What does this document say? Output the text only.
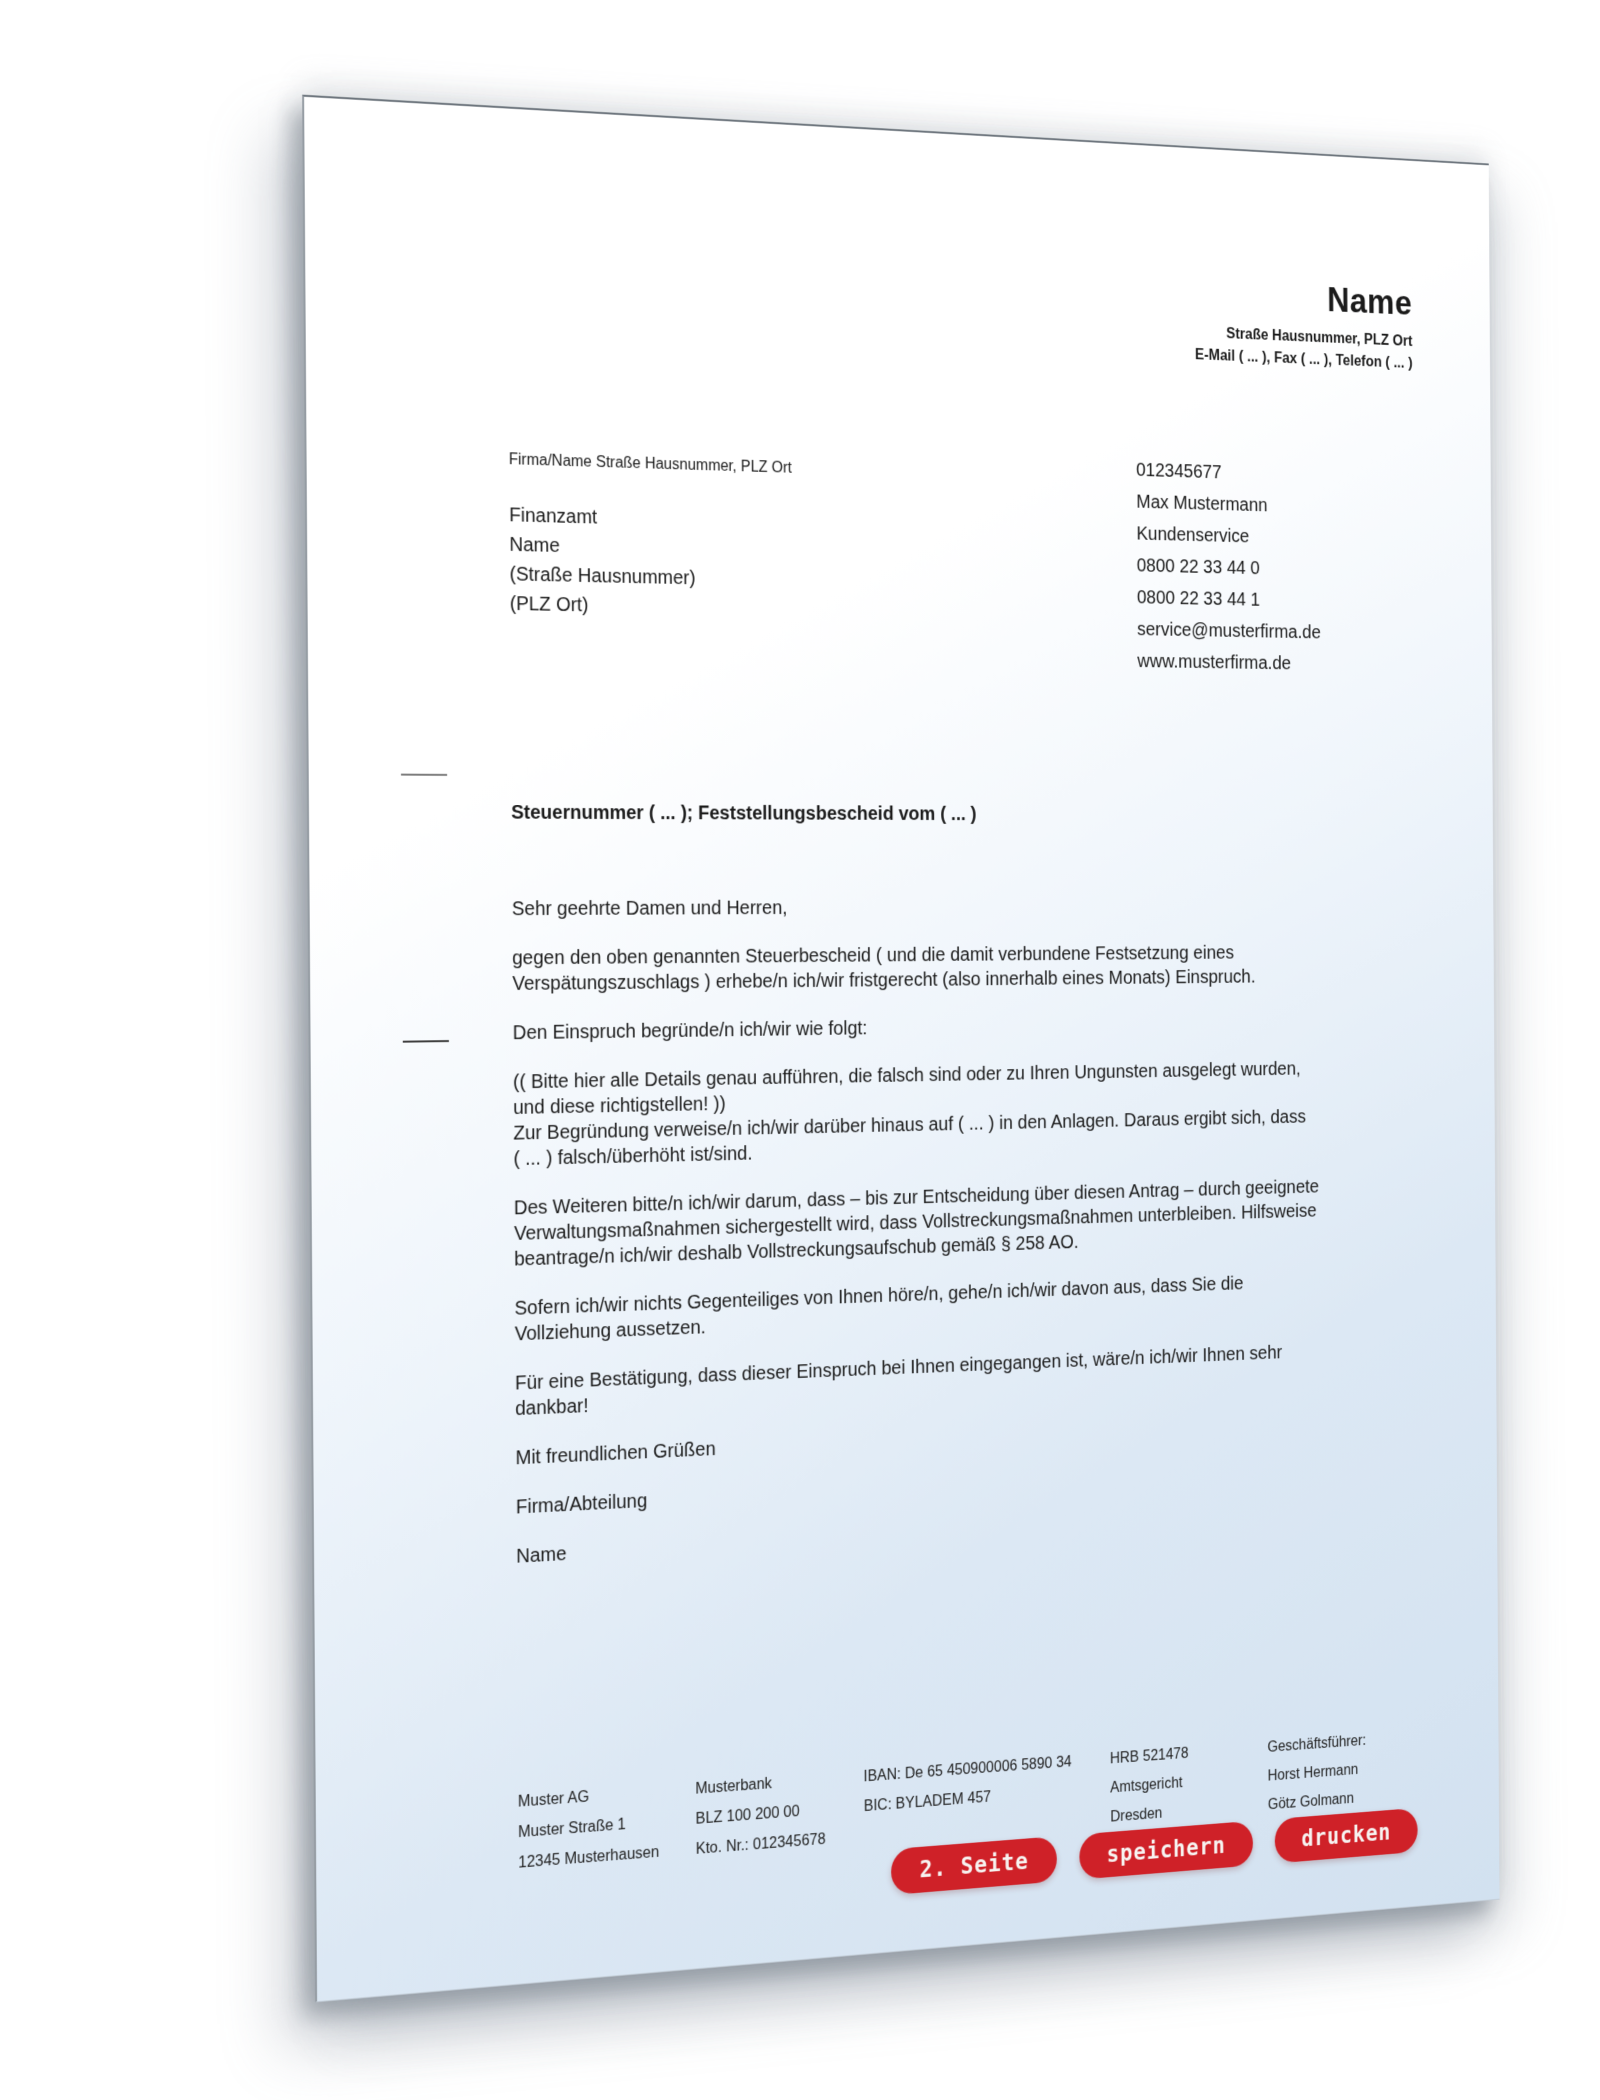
Name
Straße Hausnummer, PLZ Ort
E-Mail ( ... ), Fax ( ... ), Telefon ( ... )
Firma/Name Straße Hausnummer, PLZ Ort
Finanzamt
Name
(Straße Hausnummer)
(PLZ Ort)
012345677
Max Mustermann
Kundenservice
0800 22 33 44 0
0800 22 33 44 1
service@musterfirma.de
www.musterfirma.de
Steuernummer ( ... ); Feststellungsbescheid vom ( ... )

Sehr geehrte Damen und Herren,

gegen den oben genannten Steuerbescheid ( und die damit verbundene Festsetzung eines
Verspätungszuschlags ) erhebe/n ich/wir fristgerecht (also innerhalb eines Monats) Einspruch.

Den Einspruch begründe/n ich/wir wie folgt:

(( Bitte hier alle Details genau aufführen, die falsch sind oder zu Ihren Ungunsten ausgelegt wurden,
und diese richtigstellen! ))
Zur Begründung verweise/n ich/wir darüber hinaus auf ( ... ) in den Anlagen. Daraus ergibt sich, dass
( ... ) falsch/überhöht ist/sind.

Des Weiteren bitte/n ich/wir darum, dass – bis zur Entscheidung über diesen Antrag – durch geeignete
Verwaltungsmaßnahmen sichergestellt wird, dass Vollstreckungsmaßnahmen unterbleiben. Hilfsweise
beantrage/n ich/wir deshalb Vollstreckungsaufschub gemäß § 258 AO.

Sofern ich/wir nichts Gegenteiliges von Ihnen höre/n, gehe/n ich/wir davon aus, dass Sie die
Vollziehung aussetzen.

Für eine Bestätigung, dass dieser Einspruch bei Ihnen eingegangen ist, wäre/n ich/wir Ihnen sehr
dankbar!

Mit freundlichen Grüßen

Firma/Abteilung

Name

Muster AG
Muster Straße 1
12345 Musterhausen
Musterbank
BLZ 100 200 00
Kto. Nr.: 012345678
IBAN: De 65 450900006 5890 34
BIC: BYLADEM 457
HRB 521478
Amtsgericht
Dresden
Geschäftsführer:
Horst Hermann
Götz Golmann
2. Seite	speichern	drucken
